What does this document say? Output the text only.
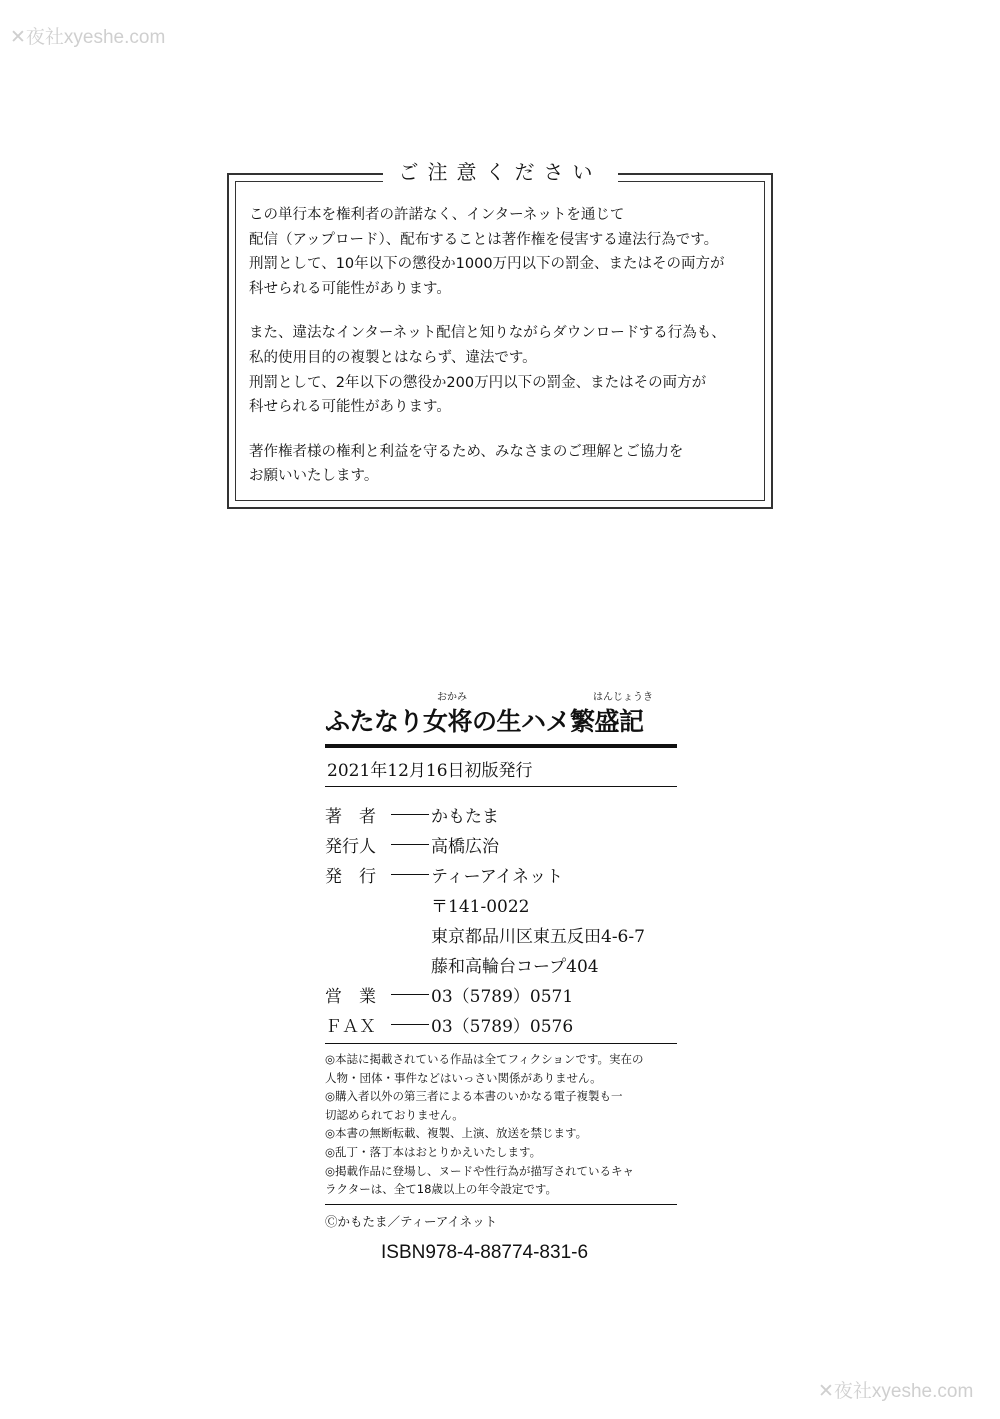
✕夜社xyeshe.com
ご注意ください

この単行本を権利者の許諾なく、インターネットを通じて
配信（アップロード）、配布することは著作権を侵害する違法行為です。
刑罰として、10年以下の懲役か1000万円以下の罰金、またはその両方が
科せられる可能性があります。

また、違法なインターネット配信と知りながらダウンロードする行為も、
私的使用目的の複製とはならず、違法です。
刑罰として、2年以下の懲役か200万円以下の罰金、またはその両方が
科せられる可能性があります。

著作権者様の権利と利益を守るため、みなさまのご理解とご協力を
お願いいたします。

おかみ	はんじょうき
ふたなり女将の生ハメ繁盛記
2021年12月16日初版発行
著　者	かもたま
発行人	高橋広治
発　行	ティーアイネット
〒141-0022
東京都品川区東五反田4-6-7
藤和高輪台コープ404
営　業	03（5789）0571
ＦＡＸ	03（5789）0576
◎本誌に掲載されている作品は全てフィクションです。実在の
人物・団体・事件などはいっさい関係がありません。
◎購入者以外の第三者による本書のいかなる電子複製も一
切認められておりません。
◎本書の無断転載、複製、上演、放送を禁じます。
◎乱丁・落丁本はおとりかえいたします。
◎掲載作品に登場し、ヌードや性行為が描写されているキャ
ラクターは、全て18歳以上の年令設定です。
Ⓒかもたま／ティーアイネット
ISBN978-4-88774-831-6
✕夜社xyeshe.com
